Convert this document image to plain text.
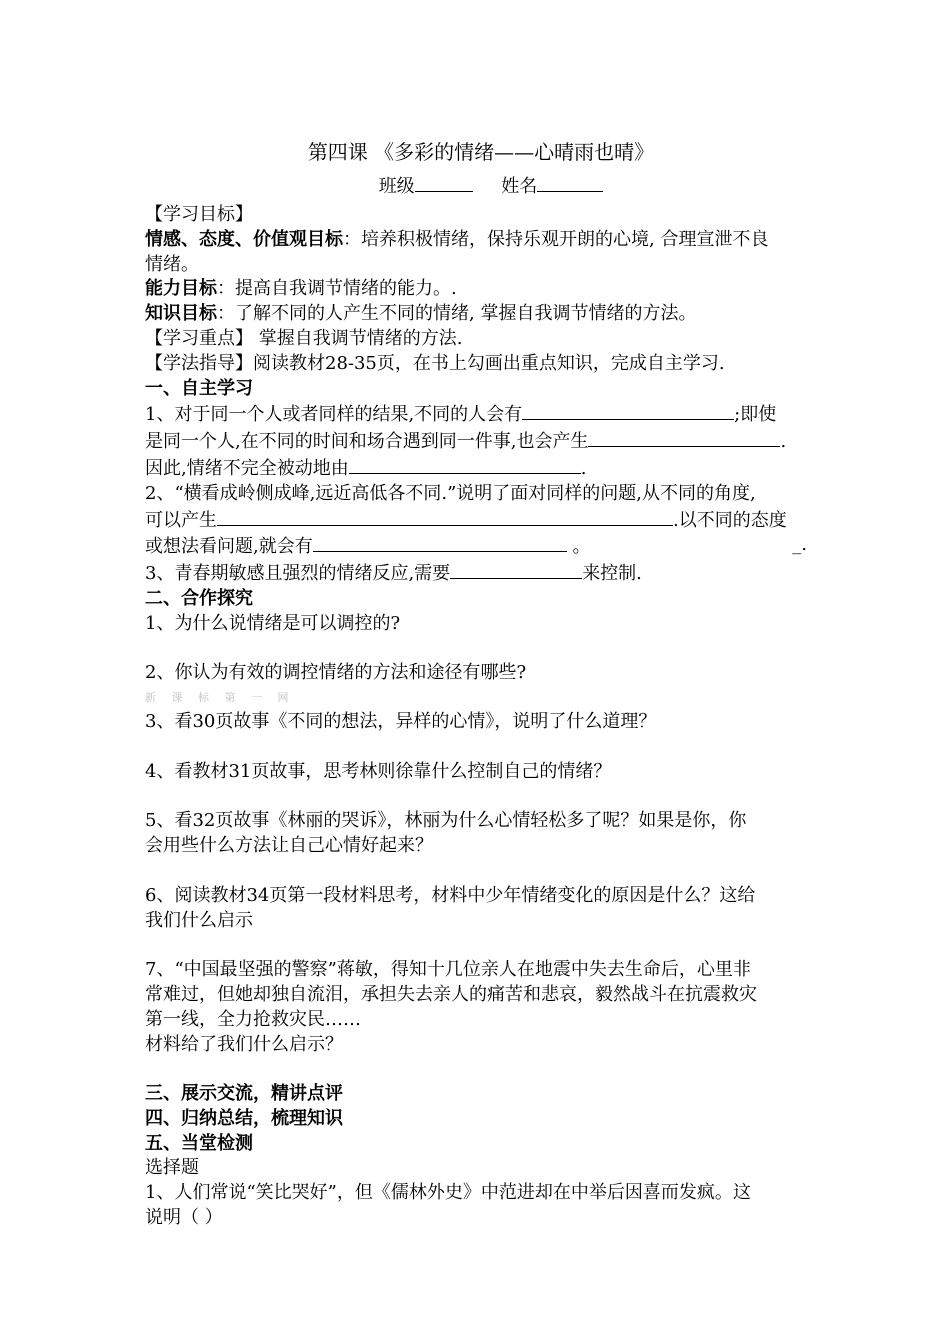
第四课 《多彩的情绪——心晴雨也晴》
班级	姓名

【学习目标】

情感、态度、价值观目标：培养积极情绪，保持乐观开朗的心境, 合理宣泄不良

情绪。

能力目标：提高自我调节情绪的能力。.

知识目标：了解不同的人产生不同的情绪, 掌握自我调节情绪的方法。

【学习重点】 掌握自我调节情绪的方法.

【学法指导】阅读教材28-35页，在书上勾画出重点知识，完成自主学习.

一、自主学习

1、对于同一个人或者同样的结果,不同的人会有	;即使

是同一个人,在不同的时间和场合遇到同一件事,也会产生	.

因此,情绪不完全被动地由	.

2、“横看成岭侧成峰,远近高低各不同.”说明了面对同样的问题,从不同的角度,

可以产生	.以不同的态度

或想法看问题,就会有	。	_.

3、青春期敏感且强烈的情绪反应,需要	来控制.

二、合作探究

1、为什么说情绪是可以调控的?

2、你认为有效的调控情绪的方法和途径有哪些?

新 课 标 第 一 网

3、看30页故事《不同的想法，异样的心情》，说明了什么道理？

4、看教材31页故事，思考林则徐靠什么控制自己的情绪？

5、看32页故事《林丽的哭诉》，林丽为什么心情轻松多了呢？如果是你，你

会用些什么方法让自己心情好起来？

6、阅读教材34页第一段材料思考，材料中少年情绪变化的原因是什么？这给

我们什么启示

7、“中国最坚强的警察”蒋敏，得知十几位亲人在地震中失去生命后，心里非

常难过，但她却独自流泪，承担失去亲人的痛苦和悲哀，毅然战斗在抗震救灾

第一线，全力抢救灾民……

材料给了我们什么启示？

三、展示交流，精讲点评

四、归纳总结，梳理知识

五、当堂检测

选择题

1、人们常说“笑比哭好”，但《儒林外史》中范进却在中举后因喜而发疯。这

说明（ ）
